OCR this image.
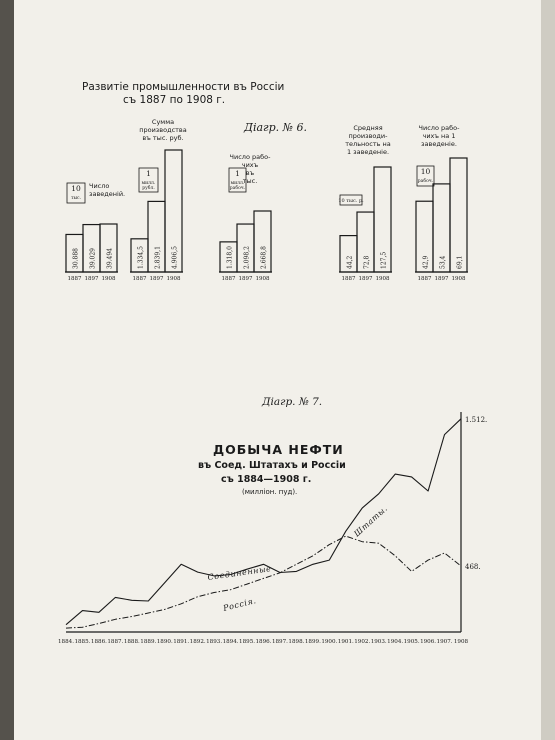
Развитіе промышленности въ Россіи
съ 1887 по 1908 г.
Діагр. № 6.
30.888
1887
39.029
1897
39.494
1908
10
тыс.
Число
заведеній.
1.334,5
1887
2.839,1
1897
4.906,5
1908
1
милл.
рубл.
Сумма
производства
въ тыс. руб.
1.318,0
1887
2.098,2
1897
2.668,8
1908
1
милл.
рабоч.
Число рабо-
чихъ
въ
тыс.
44,2
1887
72,8
1897
127,5
1908
10 тыс. р.
Средняя
производи-
тельность на
1 заведеніе.
42,9
1887
53,4
1897
69,1
1908
10
рабоч.
Число рабо-
чихъ на 1
заведеніе.
Діагр. № 7.
ДОБЫЧА НЕФТИ
въ Соед. Штатахъ и Россіи
съ 1884—1908 г.
(миллiон. пуд).
1884. 1885. 1886. 1887. 1888. 1889. 1890. 1891. 1892. 1893. 1894. 1895. 1896. 1897. 1898. 1899. 1900. 1901. 1902. 1903. 1904. 1905. 1906. 1907. 1908
1.512.
468.
Соединенные
Штаты.
Россія.
